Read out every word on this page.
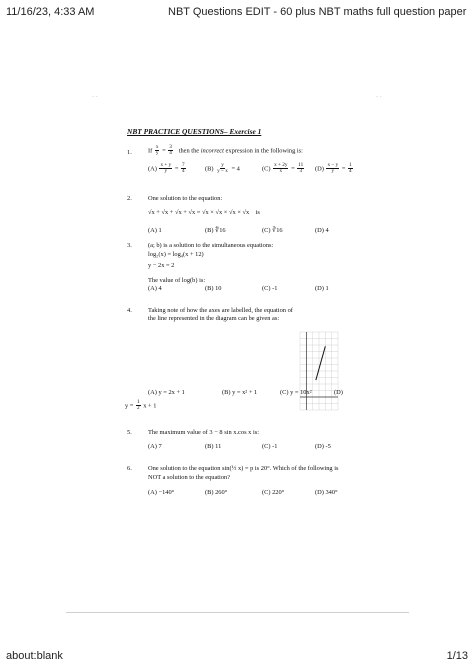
11/16/23, 4:33 AM	NBT Questions EDIT - 60 plus NBT maths full question paper
about:blank	1/13
- -	- -
NBT PRACTICE QUESTIONS– Exercise 1
1.	If $\frac{x}{y} = \frac{3}{4}$ then the incorrect expression in the following is:
$(A) \frac{x + y}{y} = \frac{7}{4}$	$(B) \frac{y}{y - x} = 4$	$(C) \frac{x + 2y}{x} = \frac{11}{3} (D) \frac{x - y}{y} = \frac{1}{4}$
2.	One solution to the equation:
√x + √x + √x + √x = √x × √x × √x × √x is
(A) 1	(B) ∜16	(C) ∛16	(D) 4
3.	(a; b) is a solution to the simultaneous equations:
log₂(x) = log₄(x + 12)
y − 2x = 2
The value of log(b) is:
(A) 4	(B) 10	(C) -1	(D) 1
4.	Taking note of how the axes are labelled, the equation of
the line represented in the diagram can be given as:
(A) y = 2x + 1	(B) y = x² + 1	(C) y = 10x²	(D)
$y = \frac{1}{2}$ x + 1
5.	The maximum value of 3 − 8 sin x.cos x is:
(A) 7	(B) 11	(C) -1	(D) -5
6.	One solution to the equation sin(½ x) = p is 20°. Which of the following is
NOT a solution to the equation?
(A) −140°	(B) 260°	(C) 220°	(D) 340°
